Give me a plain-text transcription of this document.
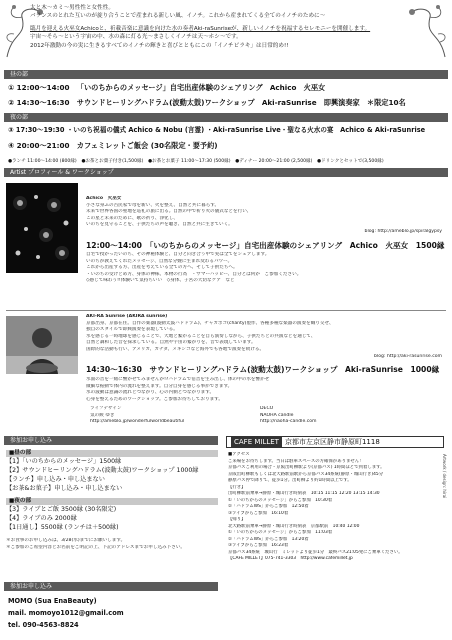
太と木〜カミ〜男性性と女性性。
バランスのとれた互いのが旋り合うことで産まれる新しい風、イノチ。これから産まれてくる全てのイノチのために〜
臨月を迎える火巫女Achicoと、祈載音楽に意識を向けた水の奏者Aki-raSunriseが、新しいイノチを祝福するセレモニーを開催します。
宇宙〜そら〜という宇宙の中、水の森に灯る光〜まさしくイノチは天〜ホシ〜です。
2012年激動の今の実に生きるすべてのイノチの輝きと喜びとともにこの「イノチビラキ」は日常的め!!
昼の部
① 12:00〜14:00　 「いのちからのメッセージ」自宅出産体験のシェアリング　 Achico　火巫女
② 14:30〜16:30　 サウンドヒーリングハドラム(波動太鼓)ワークショップ　 Aki-raSunrise　即興演奏家　＊限定10名
夜の部
③ 17:30〜19:30 ・いのち祝福の儀式 Achico & Nobu (言霊) ・Aki-raSunrise Live・聖なる火水の宴　Achico & Aki-raSunrise
④ 20:00〜21:00　 カフェミレットご飯会 (30名限定・要予約)
●ランチ 11:00〜14:00 (800縁)　●お茶とお菓子付き(1,500縁)　●お茶とお菓子 11:00〜17:30 (500縁)　●ディナー 20:00〜21:00 (2,500縁)　●ドリンクとセットで(3,500縁)
Artist プロフィール & ワークショップ
Achico　火巫女
小さな身ふの古民家で母を新い、火を整え、自然と共に暮らす。
未来で世界各国の聖地を巡礼の旅に出る。自然の中で祈り火の儀式などを行い、
この星と未来のために、歌の祈り、浄化し、
いのちを見守ることを、子供たちの声を聴き、自然と共に生きていく。
blog: http://ameblo.jp/spiralgypsy
12:00〜14:00　「いのちからのメッセージ」自宅出産体験のシェアリング　Achico　火巫女　1500縁
自宅で授かったいのち、その神秘体験と、自分と向き合う中で実は全てをシェアします。
いのちが教えてくれたメッセージ、自然な分娩に生まれ変わるパワー。
これから出産する方、出産を考えている全ての方へ、そして子供たちへ。
・いのちの受けとめ方、身体の神様、本物の行為　・サマーハッピー、自分とは何か　ご参加ください。
◇感じて味わう!!体験いて気持ちいい　◇身体、子宮の大切なケア　など
AKI-RA Sunrise (AKIRA sunrise)
京都出身、京都在住。自作の楽器(波動太鼓ハドドラム)、チャカポコ(chanty)製作、各種多種な楽器の演奏を織り交ぜ、
独自のスタイルで即興演奏を表現している。
水を感じる一時地球を感じることで、大地と繋がることを自ら演奏しながら、子供たちとの共演などを通じて、
自然と調和した音を探求している。自然や宇宙の繋がりを、音で表現しています。
国際的な活動も行い、アメリカ、カナダ、メキシコなど海外でも各地で演奏を続ける。
blog: http://aki-rasunrise.com
14:30〜16:30　サウンドヒーリングハドラム(波動太鼓)ワークショップ　Aki-raSunrise　1000縁
水面の音を一緒に響かせてみませんか!?ハドラムで倍音を生み出し、体の中の水を響かせ
微細な振動で体内の流れを整えます。自分自身を感じる事ができます。
水の波動は意識の流れとつながり、心の内側とつながります。
心身を整えるためのワークショップ。ご参加お待ちしております。
ライフデザイン
気の緩 ゆき
http://ameblo.jp/wonderfulworldbeautiful
DECO
NAOHA candle
http://naoha-candle.com
参加お申し込み
■昼の部
【1】「いのちからのメッセージ」1500縁
【2】サウンドヒーリングハドラム(波動太鼓)ワークショップ 1000縁
【ランチ】申し込み・申し込まない
【お茶&お菓子】申し込み・申し込まない
■夜の部
【3】ライブとご飯 3500縁 (30名限定)
【4】ライブのみ 2000縁
【1日通し】5500縁 (ランチは＋500縁)
＊お食事のお申し込みは、3/28(水)までにお願いします。
＊ご参加のご希望内容とお名前をご明記の上、下記のアドレスまでお申し込み下さい。
参加お申し込み
MOMO (Sua EnaBeauty)
mail. momoyo1012@gmail.com
tel. 090-4563-8824
CAFE MILLET 京都市左京区静市静原町1118
■アクセス
ご来場をお待ちします。当日は駐車スペースの方確保がありません！
京都バスご利用の場合・京阪出町柳駅より(京都バス) 1時間ほどで到着します。
京阪出町柳駅もしくは北大路駅前駅から京都バス34系統(静原・城山行き)45分
静原バス停で降りて、徒歩1分。出町柳より約1時間以上です。
【行き】
出町柳駅前乗車→静原・城山行き時刻表　10:15 11:15 12:20 13:15 14:30
①「いのちからのメッセージ」からご参加　10:30着
②「ハドラムWS」からご参加　12:50着
③ライブからご参加　16:10着
【帰り】
北大路駅前乗車→静原・城山行き時刻表　京都駅前　10:40 12:00
①「いのちからのメッセージ」からご参加　11:03着
②「ハドラムWS」からご参加　13:20着
③ライブからご参加　16:23着
京都バス34系統　城山行　ミレットより徒歩1分　最終バス21:05発にご乗車ください。
【CAFE MILLET】075-741-3303　http://www.cafemillet.jp
Artwork / design: hirai
